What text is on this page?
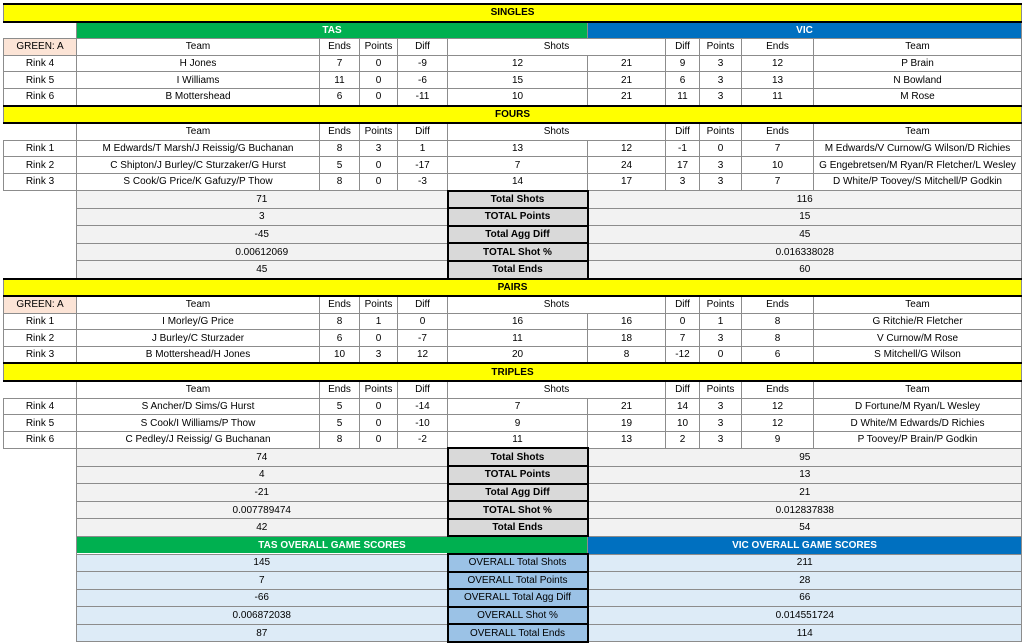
SINGLES										
	TAS					VIC				
GREEN: A	Team	Ends	Points	Diff	Shots		Diff	Points	Ends	Team
Rink 4	H Jones	7	0	-9	12	21	9	3	12	P Brain
Rink 5	I Williams	11	0	-6	15	21	6	3	13	N Bowland
Rink 6	B Mottershead	6	0	-11	10	21	11	3	11	M Rose
FOURS										
	Team	Ends	Points	Diff	Shots		Diff	Points	Ends	Team
Rink 1	M Edwards/T Marsh/J Reissig/G Buchanan	8	3	1	13	12	-1	0	7	M Edwards/V Curnow/G Wilson/D Richies
Rink 2	C Shipton/J Burley/C Sturzaker/G Hurst	5	0	-17	7	24	17	3	10	G Engebretsen/M Ryan/R Fletcher/L Wesley
Rink 3	S Cook/G Price/K Gafuzy/P Thow	8	0	-3	14	17	3	3	7	D White/P Toovey/S Mitchell/P Godkin
	71				Total Shots	116				
	3				TOTAL Points	15				
	-45				Total Agg Diff	45				
	0.00612069				TOTAL Shot %	0.016338028				
	45				Total Ends	60				
PAIRS										
GREEN: A	Team	Ends	Points	Diff	Shots		Diff	Points	Ends	Team
Rink 1	I Morley/G Price	8	1	0	16	16	0	1	8	G Ritchie/R Fletcher
Rink 2	J Burley/C Sturzader	6	0	-7	11	18	7	3	8	V Curnow/M Rose
Rink 3	B Mottershead/H Jones	10	3	12	20	8	-12	0	6	S Mitchell/G Wilson
TRIPLES										
	Team	Ends	Points	Diff	Shots		Diff	Points	Ends	Team
Rink 4	S Ancher/D Sims/G Hurst	5	0	-14	7	21	14	3	12	D Fortune/M Ryan/L Wesley
Rink 5	S Cook/I Williams/P Thow	5	0	-10	9	19	10	3	12	D White/M Edwards/D Richies
Rink 6	C Pedley/J Reissig/ G Buchanan	8	0	-2	11	13	2	3	9	P Toovey/P Brain/P Godkin
	74				Total Shots	95				
	4				TOTAL Points	13				
	-21				Total Agg Diff	21				
	0.007789474				TOTAL Shot %	0.012837838				
	42				Total Ends	54				
	TAS OVERALL GAME SCORES					VIC OVERALL GAME SCORES				
	145				OVERALL Total Shots	211				
	7				OVERALL Total Points	28				
	-66				OVERALL Total Agg Diff	66				
	0.006872038				OVERALL Shot %	0.014551724				
	87				OVERALL Total Ends	114				
